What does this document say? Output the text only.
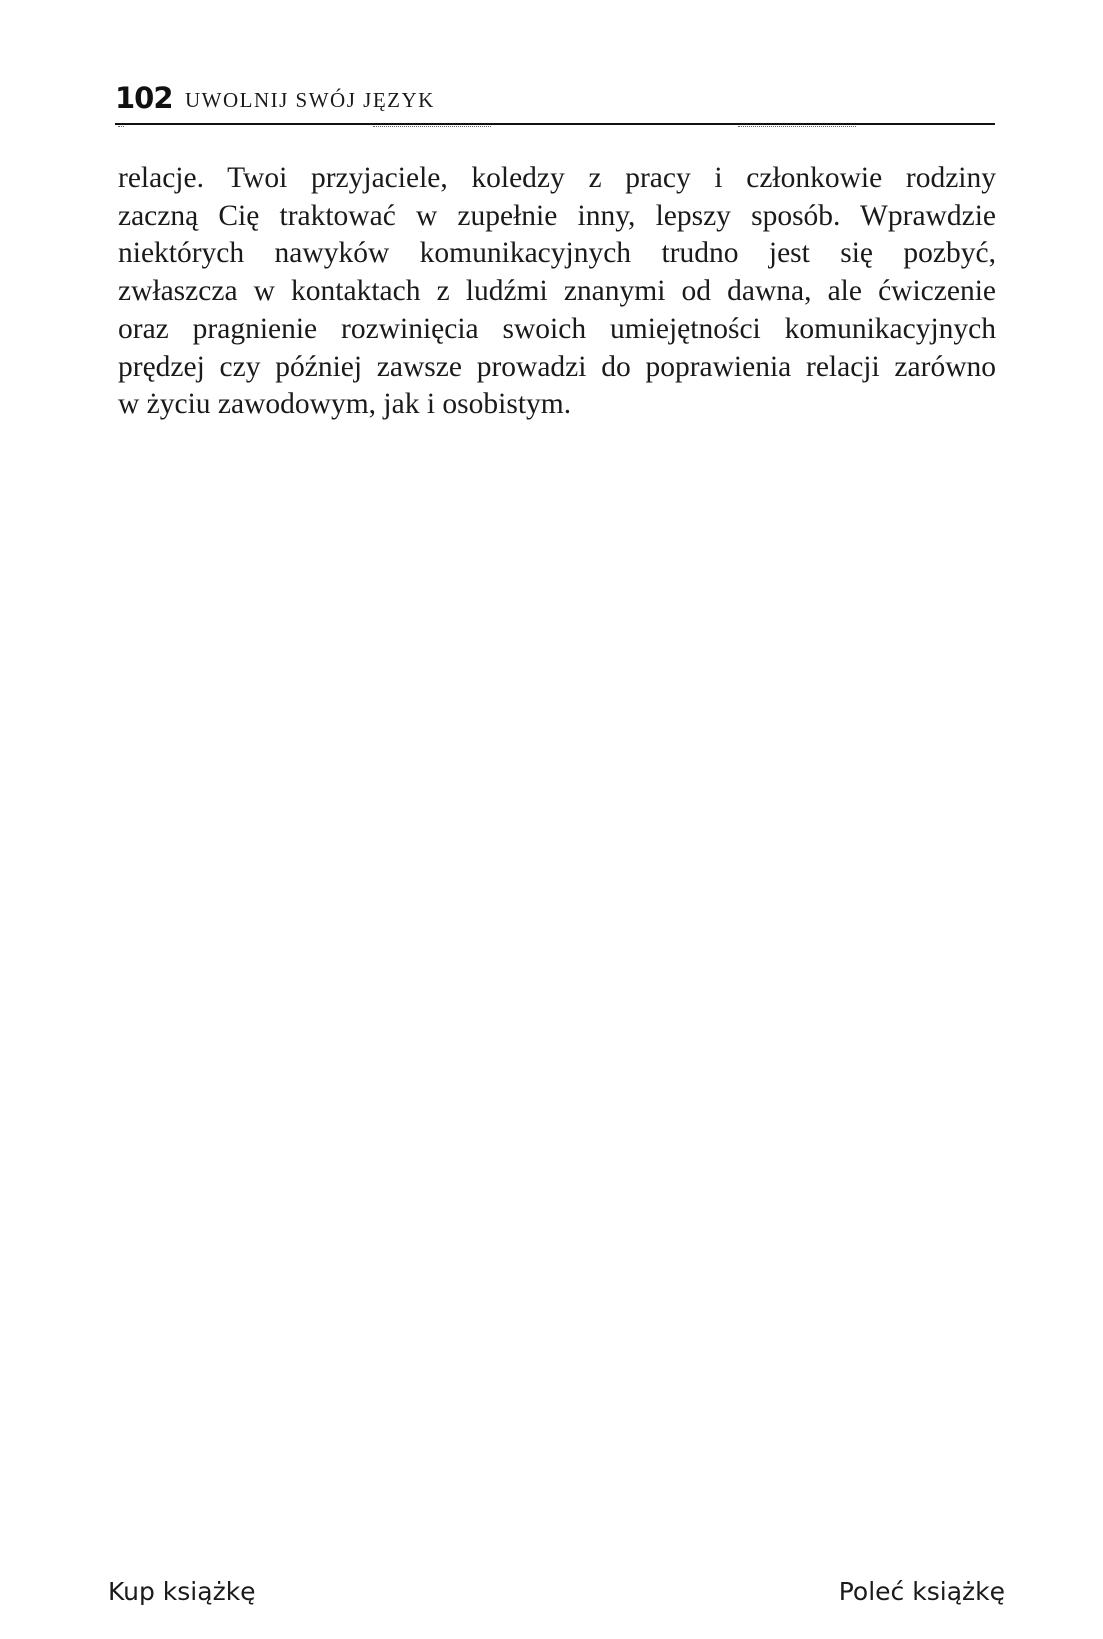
102 UWOLNIJ SWÓJ JĘZYK
relacje. Twoi przyjaciele, koledzy z pracy i członkowie rodziny
zaczną Cię traktować w zupełnie inny, lepszy sposób. Wprawdzie
niektórych nawyków komunikacyjnych trudno jest się pozbyć,
zwłaszcza w kontaktach z ludźmi znanymi od dawna, ale ćwiczenie
oraz pragnienie rozwinięcia swoich umiejętności komunikacyjnych
prędzej czy później zawsze prowadzi do poprawienia relacji zarówno
w życiu zawodowym, jak i osobistym.
Kup książkę	Poleć książkę
